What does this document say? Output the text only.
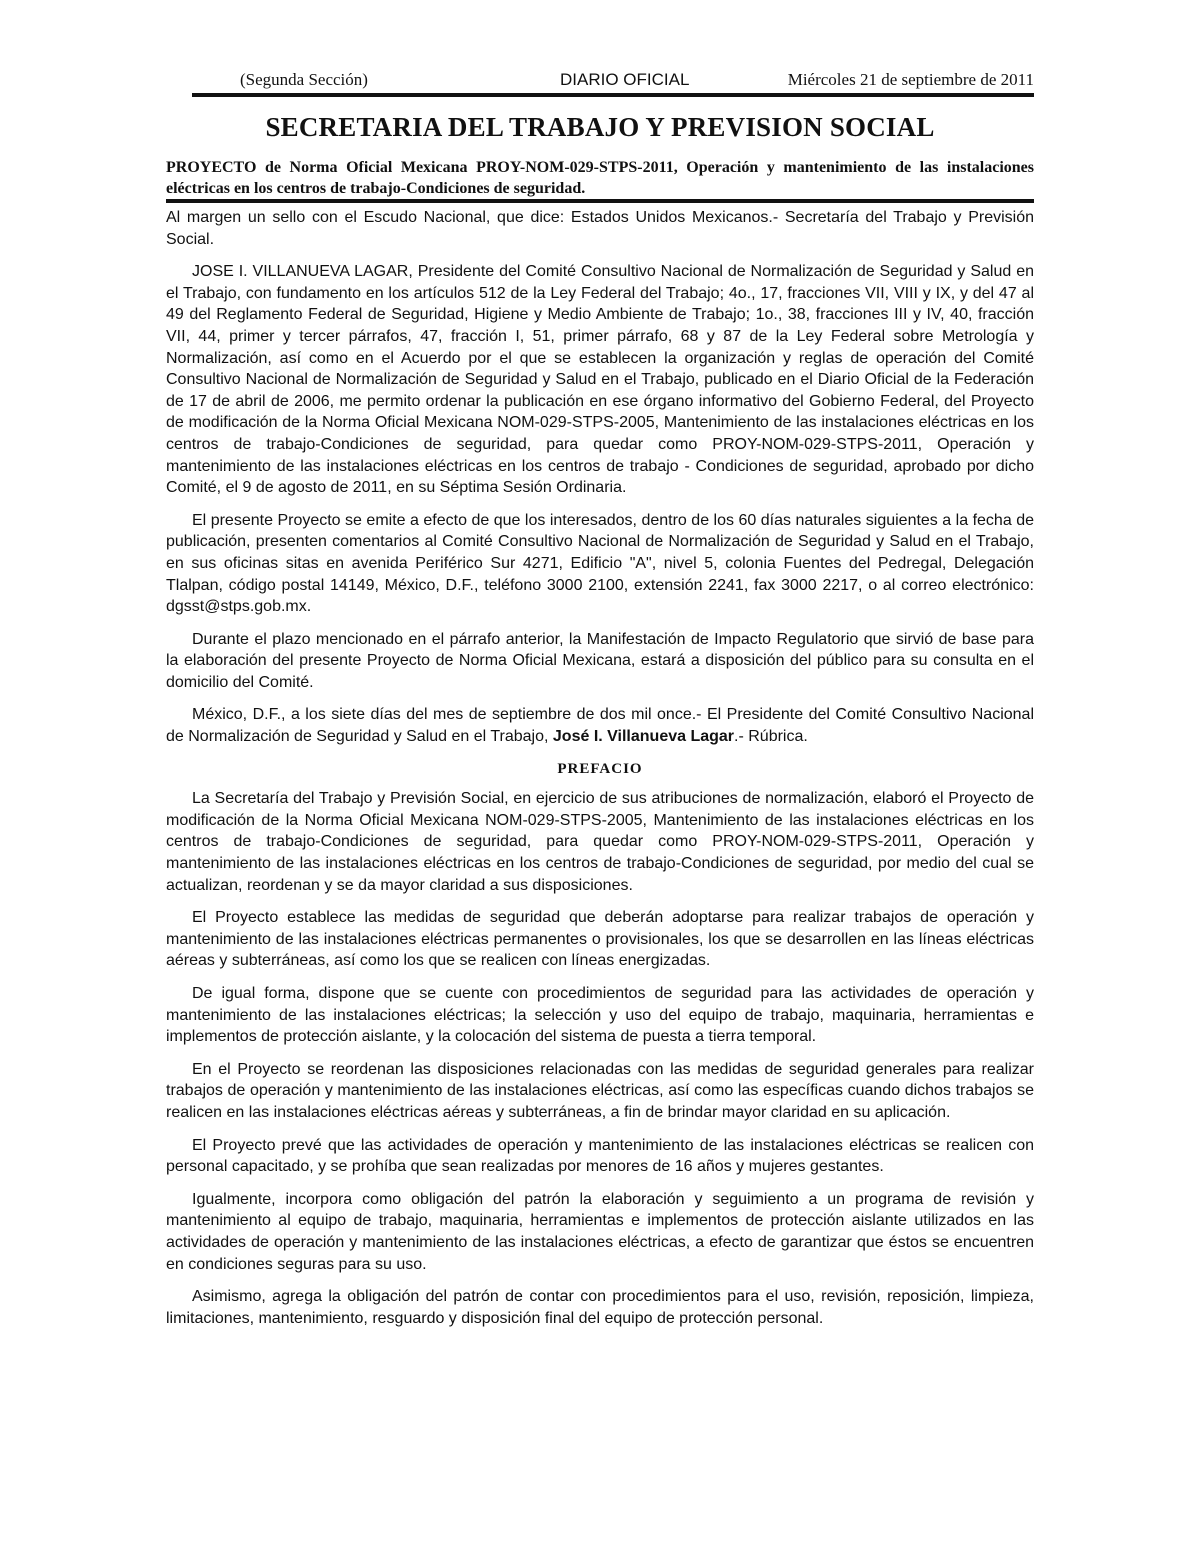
(Segunda Sección)	DIARIO OFICIAL	Miércoles 21 de septiembre de 2011
SECRETARIA DEL TRABAJO Y PREVISION SOCIAL
PROYECTO de Norma Oficial Mexicana PROY-NOM-029-STPS-2011, Operación y mantenimiento de las instalaciones eléctricas en los centros de trabajo-Condiciones de seguridad.

Al margen un sello con el Escudo Nacional, que dice: Estados Unidos Mexicanos.- Secretaría del Trabajo y Previsión Social.

JOSE I. VILLANUEVA LAGAR, Presidente del Comité Consultivo Nacional de Normalización de Seguridad y Salud en el Trabajo, con fundamento en los artículos 512 de la Ley Federal del Trabajo; 4o., 17, fracciones VII, VIII y IX, y del 47 al 49 del Reglamento Federal de Seguridad, Higiene y Medio Ambiente de Trabajo; 1o., 38, fracciones III y IV, 40, fracción VII, 44, primer y tercer párrafos, 47, fracción I, 51, primer párrafo, 68 y 87 de la Ley Federal sobre Metrología y Normalización, así como en el Acuerdo por el que se establecen la organización y reglas de operación del Comité Consultivo Nacional de Normalización de Seguridad y Salud en el Trabajo, publicado en el Diario Oficial de la Federación de 17 de abril de 2006, me permito ordenar la publicación en ese órgano informativo del Gobierno Federal, del Proyecto de modificación de la Norma Oficial Mexicana NOM-029-STPS-2005, Mantenimiento de las instalaciones eléctricas en los centros de trabajo-Condiciones de seguridad, para quedar como PROY-NOM-029-STPS-2011, Operación y mantenimiento de las instalaciones eléctricas en los centros de trabajo - Condiciones de seguridad, aprobado por dicho Comité, el 9 de agosto de 2011, en su Séptima Sesión Ordinaria.

El presente Proyecto se emite a efecto de que los interesados, dentro de los 60 días naturales siguientes a la fecha de publicación, presenten comentarios al Comité Consultivo Nacional de Normalización de Seguridad y Salud en el Trabajo, en sus oficinas sitas en avenida Periférico Sur 4271, Edificio "A", nivel 5, colonia Fuentes del Pedregal, Delegación Tlalpan, código postal 14149, México, D.F., teléfono 3000 2100, extensión 2241, fax 3000 2217, o al correo electrónico: dgsst@stps.gob.mx.

Durante el plazo mencionado en el párrafo anterior, la Manifestación de Impacto Regulatorio que sirvió de base para la elaboración del presente Proyecto de Norma Oficial Mexicana, estará a disposición del público para su consulta en el domicilio del Comité.

México, D.F., a los siete días del mes de septiembre de dos mil once.- El Presidente del Comité Consultivo Nacional de Normalización de Seguridad y Salud en el Trabajo, José I. Villanueva Lagar.- Rúbrica.

PREFACIO

La Secretaría del Trabajo y Previsión Social, en ejercicio de sus atribuciones de normalización, elaboró el Proyecto de modificación de la Norma Oficial Mexicana NOM-029-STPS-2005, Mantenimiento de las instalaciones eléctricas en los centros de trabajo-Condiciones de seguridad, para quedar como PROY-NOM-029-STPS-2011, Operación y mantenimiento de las instalaciones eléctricas en los centros de trabajo-Condiciones de seguridad, por medio del cual se actualizan, reordenan y se da mayor claridad a sus disposiciones.

El Proyecto establece las medidas de seguridad que deberán adoptarse para realizar trabajos de operación y mantenimiento de las instalaciones eléctricas permanentes o provisionales, los que se desarrollen en las líneas eléctricas aéreas y subterráneas, así como los que se realicen con líneas energizadas.

De igual forma, dispone que se cuente con procedimientos de seguridad para las actividades de operación y mantenimiento de las instalaciones eléctricas; la selección y uso del equipo de trabajo, maquinaria, herramientas e implementos de protección aislante, y la colocación del sistema de puesta a tierra temporal.

En el Proyecto se reordenan las disposiciones relacionadas con las medidas de seguridad generales para realizar trabajos de operación y mantenimiento de las instalaciones eléctricas, así como las específicas cuando dichos trabajos se realicen en las instalaciones eléctricas aéreas y subterráneas, a fin de brindar mayor claridad en su aplicación.

El Proyecto prevé que las actividades de operación y mantenimiento de las instalaciones eléctricas se realicen con personal capacitado, y se prohíba que sean realizadas por menores de 16 años y mujeres gestantes.

Igualmente, incorpora como obligación del patrón la elaboración y seguimiento a un programa de revisión y mantenimiento al equipo de trabajo, maquinaria, herramientas e implementos de protección aislante utilizados en las actividades de operación y mantenimiento de las instalaciones eléctricas, a efecto de garantizar que éstos se encuentren en condiciones seguras para su uso.

Asimismo, agrega la obligación del patrón de contar con procedimientos para el uso, revisión, reposición, limpieza, limitaciones, mantenimiento, resguardo y disposición final del equipo de protección personal.
